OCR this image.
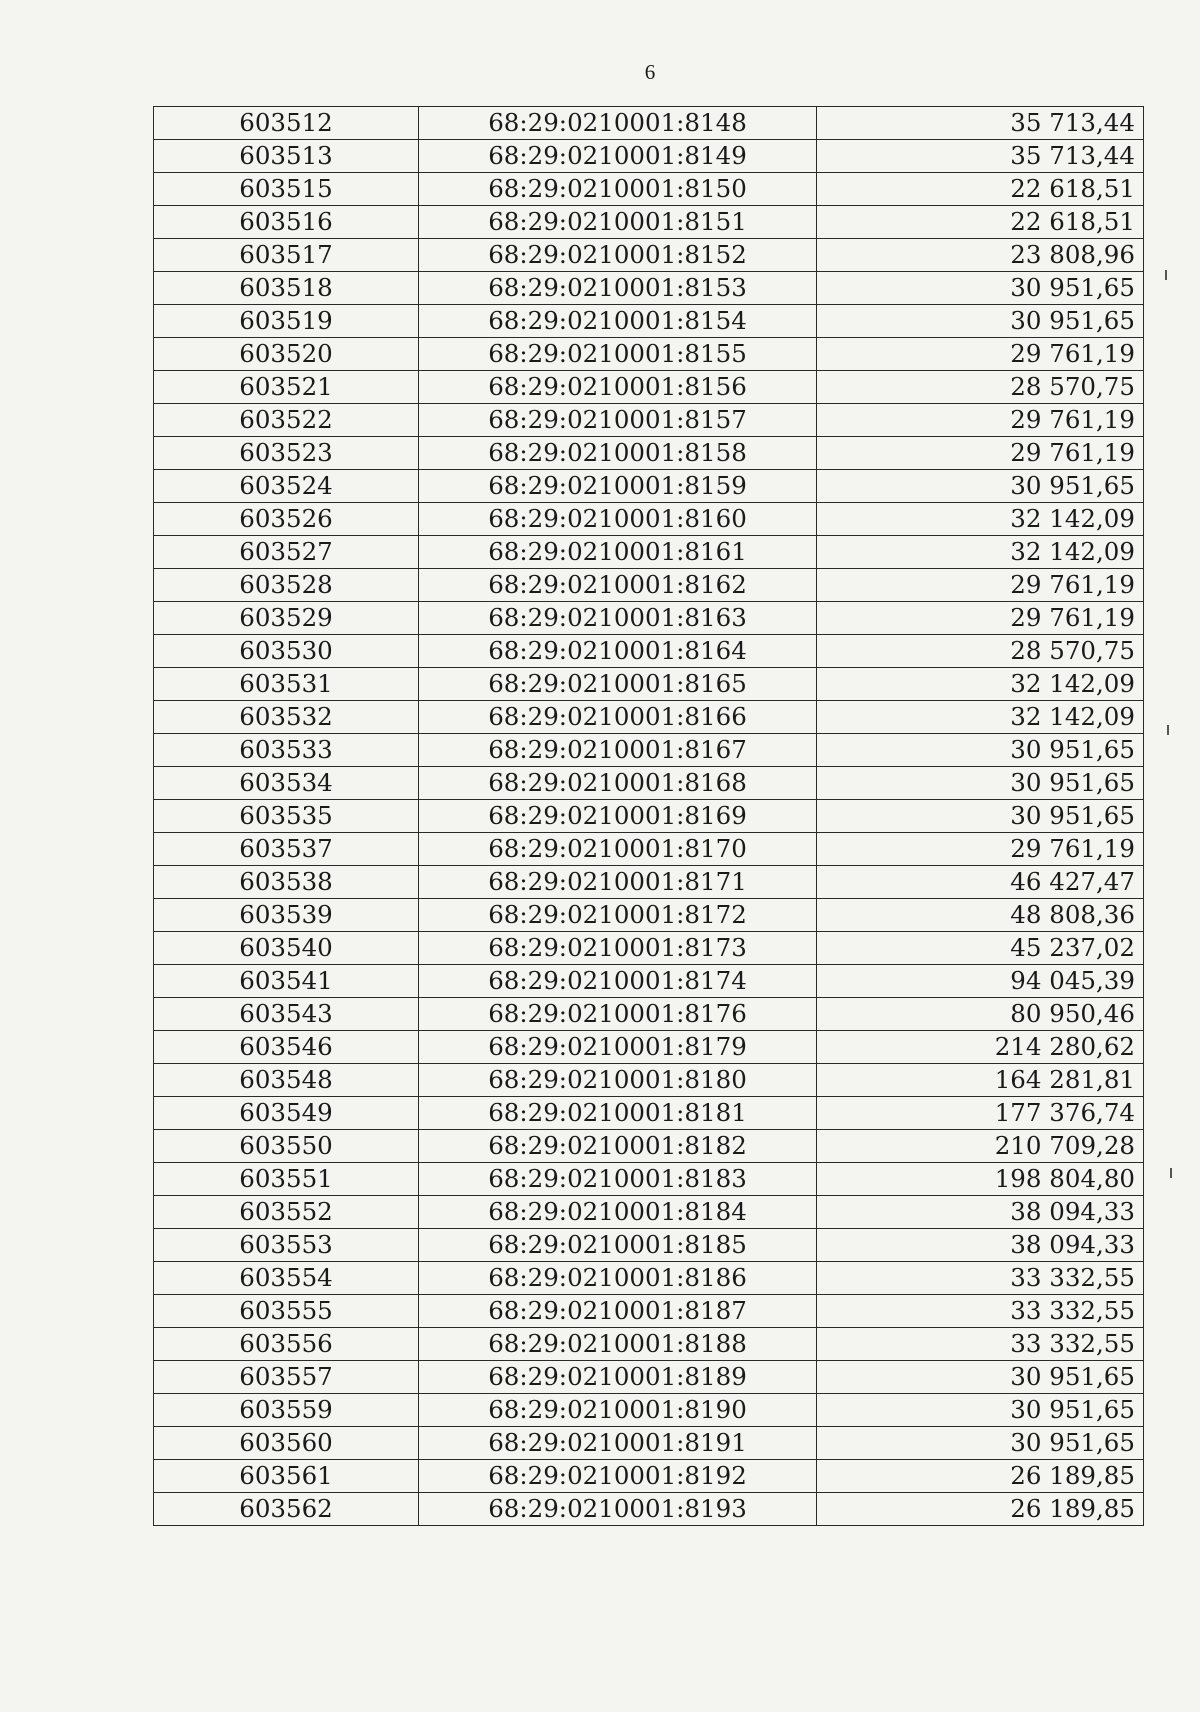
6
603512	68:29:0210001:8148	35 713,44
603513	68:29:0210001:8149	35 713,44
603515	68:29:0210001:8150	22 618,51
603516	68:29:0210001:8151	22 618,51
603517	68:29:0210001:8152	23 808,96
603518	68:29:0210001:8153	30 951,65
603519	68:29:0210001:8154	30 951,65
603520	68:29:0210001:8155	29 761,19
603521	68:29:0210001:8156	28 570,75
603522	68:29:0210001:8157	29 761,19
603523	68:29:0210001:8158	29 761,19
603524	68:29:0210001:8159	30 951,65
603526	68:29:0210001:8160	32 142,09
603527	68:29:0210001:8161	32 142,09
603528	68:29:0210001:8162	29 761,19
603529	68:29:0210001:8163	29 761,19
603530	68:29:0210001:8164	28 570,75
603531	68:29:0210001:8165	32 142,09
603532	68:29:0210001:8166	32 142,09
603533	68:29:0210001:8167	30 951,65
603534	68:29:0210001:8168	30 951,65
603535	68:29:0210001:8169	30 951,65
603537	68:29:0210001:8170	29 761,19
603538	68:29:0210001:8171	46 427,47
603539	68:29:0210001:8172	48 808,36
603540	68:29:0210001:8173	45 237,02
603541	68:29:0210001:8174	94 045,39
603543	68:29:0210001:8176	80 950,46
603546	68:29:0210001:8179	214 280,62
603548	68:29:0210001:8180	164 281,81
603549	68:29:0210001:8181	177 376,74
603550	68:29:0210001:8182	210 709,28
603551	68:29:0210001:8183	198 804,80
603552	68:29:0210001:8184	38 094,33
603553	68:29:0210001:8185	38 094,33
603554	68:29:0210001:8186	33 332,55
603555	68:29:0210001:8187	33 332,55
603556	68:29:0210001:8188	33 332,55
603557	68:29:0210001:8189	30 951,65
603559	68:29:0210001:8190	30 951,65
603560	68:29:0210001:8191	30 951,65
603561	68:29:0210001:8192	26 189,85
603562	68:29:0210001:8193	26 189,85
